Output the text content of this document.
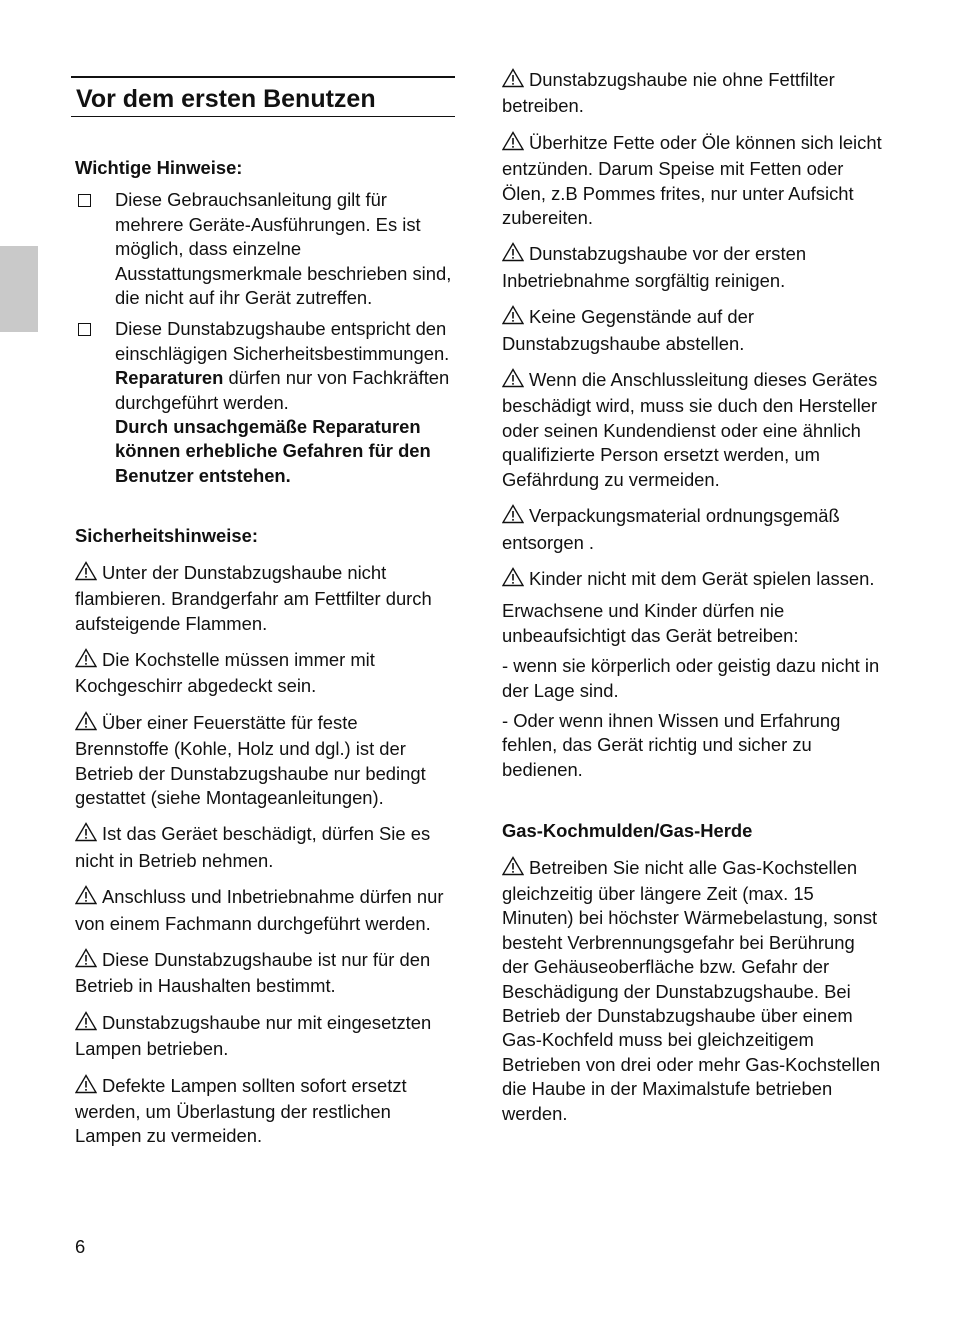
Vor dem ersten Benutzen

Wichtige Hinweise:

Diese Gebrauchsanleitung gilt für mehrere Geräte-Ausführungen. Es ist möglich, dass einzelne Ausstattungsmerkmale beschrieben sind, die nicht auf ihr Gerät zutreffen.
Diese Dunstabzugshaube entspricht den einschlägigen Sicherheitsbestimmungen.
Reparaturen dürfen nur von Fachkräften durchgeführt werden.
Durch unsachgemäße Reparaturen können erhebliche Gefahren für den Benutzer entstehen.

Sicherheitshinweise:

Unter der Dunstabzugshaube nicht flambieren. Brandgerfahr am Fettfilter durch aufsteigende Flammen.

Die Kochstelle müssen immer mit Kochgeschirr abgedeckt sein.

Über einer Feuerstätte für feste Brennstoffe (Kohle, Holz und dgl.) ist der Betrieb der Dunstabzugshaube nur bedingt gestattet (siehe Montageanleitungen).

Ist das Geräet beschädigt, dürfen Sie es nicht in Betrieb nehmen.

Anschluss und Inbetriebnahme dürfen nur von einem Fachmann durchgeführt werden.

Diese Dunstabzugshaube ist nur für den Betrieb in Haushalten bestimmt.

Dunstabzugshaube nur mit eingesetzten Lampen betrieben.

Defekte Lampen sollten sofort ersetzt werden, um Überlastung der restlichen Lampen zu vermeiden.

Dunstabzugshaube nie ohne Fettfilter betreiben.

Überhitze Fette oder Öle können sich leicht entzünden. Darum Speise mit Fetten oder Ölen, z.B Pommes frites, nur unter Aufsicht zubereiten.

Dunstabzugshaube vor der ersten Inbetriebnahme sorgfältig reinigen.

Keine Gegenstände auf der Dunstabzugshaube abstellen.

Wenn die Anschlussleitung dieses Gerätes beschädigt wird, muss sie duch den Hersteller oder seinen Kundendienst oder eine ähnlich qualifizierte Person ersetzt werden, um Gefährdung zu vermeiden.

Verpackungsmaterial ordnungsgemäß entsorgen .

Kinder nicht mit dem Gerät spielen lassen.

Erwachsene und Kinder dürfen nie unbeaufsichtigt das Gerät betreiben:

- wenn sie körperlich oder geistig dazu nicht in der Lage sind.

- Oder wenn ihnen Wissen und Erfahrung fehlen, das Gerät richtig und sicher zu bedienen.

Gas-Kochmulden/Gas-Herde

Betreiben Sie nicht alle Gas-Kochstellen gleichzeitig über längere Zeit (max. 15 Minuten) bei höchster Wärmebelastung, sonst besteht Verbrennungsgefahr bei Berührung der Gehäuseoberfläche bzw. Gefahr der Beschädigung der Dunstabzugshaube. Bei Betrieb der Dunstabzugshaube über einem Gas-Kochfeld muss bei gleichzeitigem Betrieben von drei oder mehr Gas-Kochstellen die Haube in der Maximalstufe betrieben werden.

6
